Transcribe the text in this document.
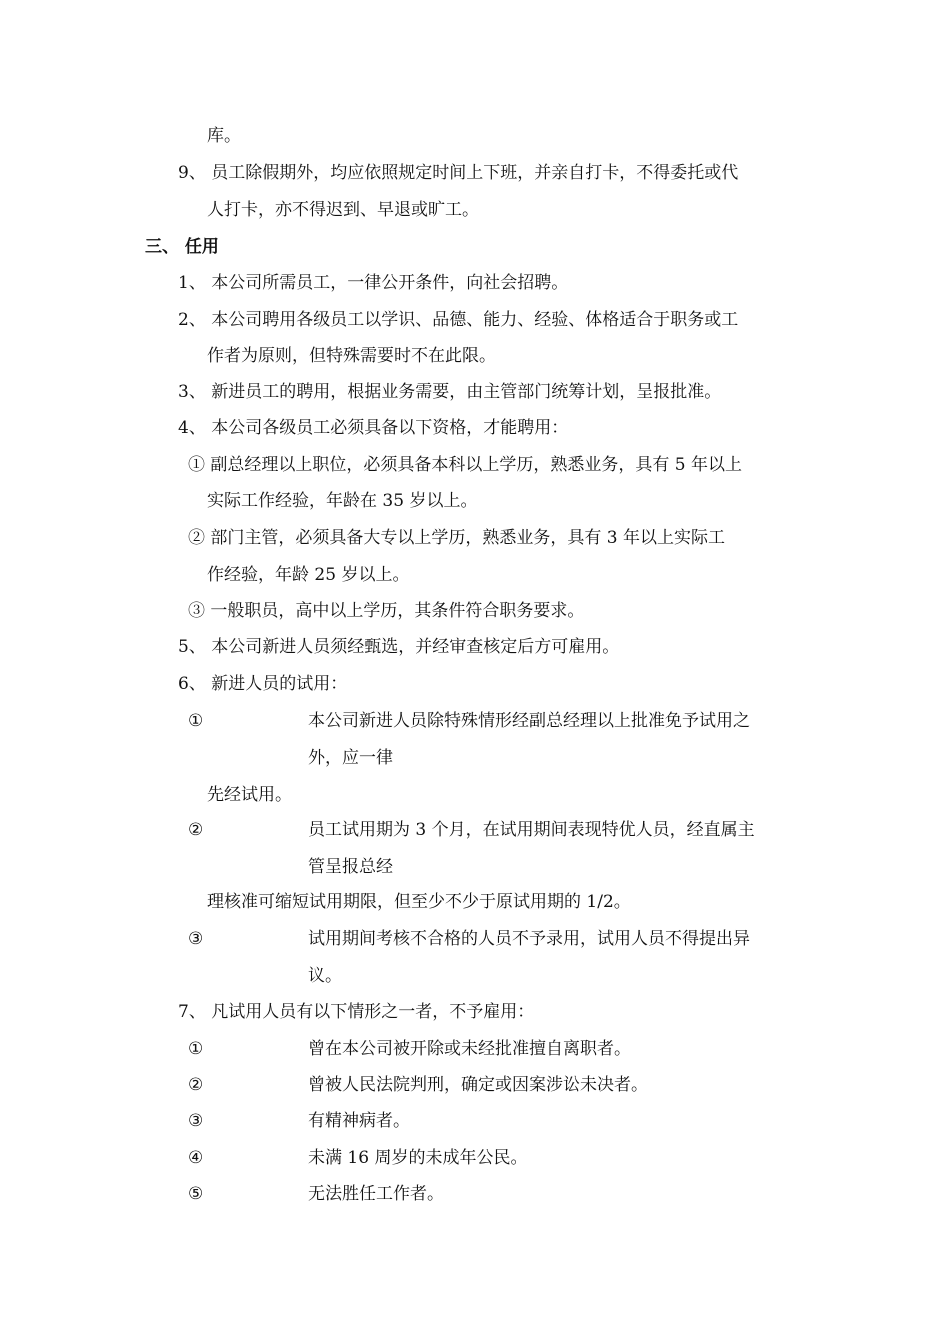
库。
9、 员工除假期外，均应依照规定时间上下班，并亲自打卡，不得委托或代
人打卡，亦不得迟到、早退或旷工。
三、 任用
1、 本公司所需员工，一律公开条件，向社会招聘。
2、 本公司聘用各级员工以学识、品德、能力、经验、体格适合于职务或工
作者为原则，但特殊需要时不在此限。
3、 新进员工的聘用，根据业务需要，由主管部门统筹计划，呈报批准。
4、 本公司各级员工必须具备以下资格，才能聘用：
① 副总经理以上职位，必须具备本科以上学历，熟悉业务，具有 5 年以上
实际工作经验，年龄在 35 岁以上。
② 部门主管，必须具备大专以上学历，熟悉业务，具有 3 年以上实际工
作经验，年龄 25 岁以上。
③ 一般职员，高中以上学历，其条件符合职务要求。
5、 本公司新进人员须经甄选，并经审查核定后方可雇用。
6、 新进人员的试用：
①	本公司新进人员除特殊情形经副总经理以上批准免予试用之
外，应一律
先经试用。
②	员工试用期为 3 个月，在试用期间表现特优人员，经直属主
管呈报总经
理核准可缩短试用期限，但至少不少于原试用期的 1/2。
③	试用期间考核不合格的人员不予录用，试用人员不得提出异
议。
7、 凡试用人员有以下情形之一者，不予雇用：
①	曾在本公司被开除或未经批准擅自离职者。
②	曾被人民法院判刑，确定或因案涉讼未决者。
③	有精神病者。
④	未满 16 周岁的未成年公民。
⑤	无法胜任工作者。
